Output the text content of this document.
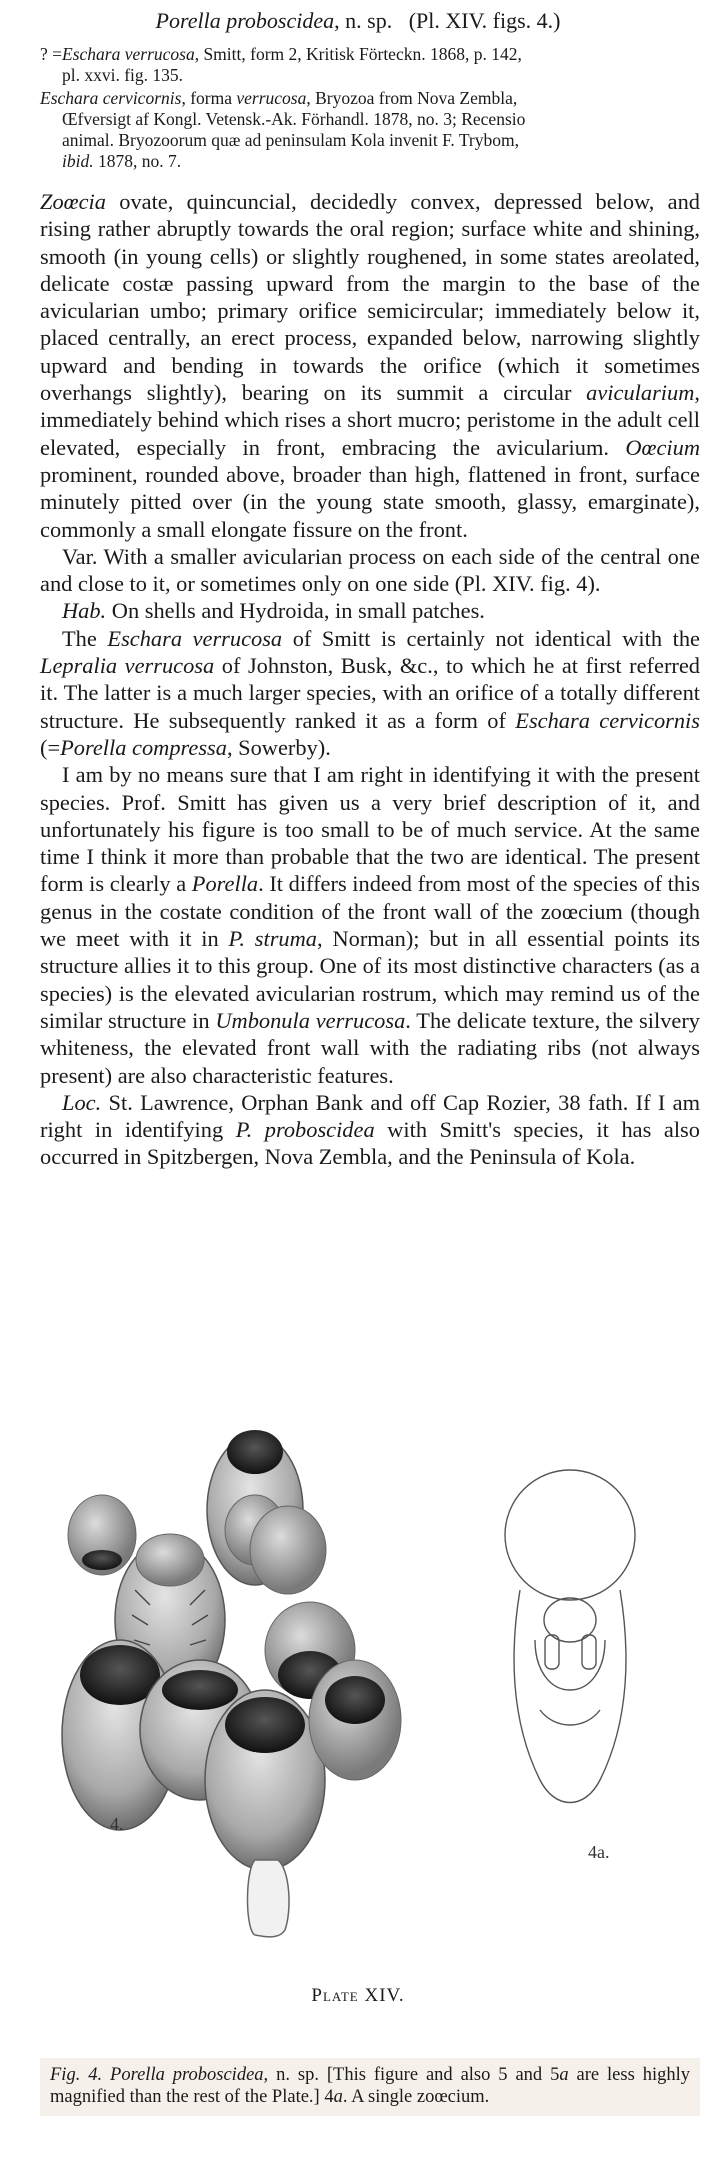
Porella proboscidea, n. sp. (Pl. XIV. figs. 4.)
? =Eschara verrucosa, Smitt, form 2, Kritisk Förteckn. 1868, p. 142,
pl. xxvi. fig. 135.
Eschara cervicornis, forma verrucosa, Bryozoa from Nova Zembla,
Œfversigt af Kongl. Vetensk.-Ak. Förhandl. 1878, no. 3; Recensio
animal. Bryozoorum quæ ad peninsulam Kola invenit F. Trybom,
ibid. 1878, no. 7.

Zoœcia ovate, quincuncial, decidedly convex, depressed below, and rising rather abruptly towards the oral region; surface white and shining, smooth (in young cells) or slightly roughened, in some states areolated, delicate costæ passing upward from the margin to the base of the avicularian umbo; primary orifice semicircular; immediately below it, placed centrally, an erect process, expanded below, narrowing slightly upward and bending in towards the orifice (which it sometimes overhangs slightly), bearing on its summit a circular avicularium, immediately behind which rises a short mucro; peristome in the adult cell elevated, especially in front, embracing the avicularium. Oœcium prominent, rounded above, broader than high, flattened in front, surface minutely pitted over (in the young state smooth, glassy, emarginate), commonly a small elongate fissure on the front.

Var. With a smaller avicularian process on each side of the central one and close to it, or sometimes only on one side (Pl. XIV. fig. 4).

Hab. On shells and Hydroida, in small patches.

The Eschara verrucosa of Smitt is certainly not identical with the Lepralia verrucosa of Johnston, Busk, &c., to which he at first referred it. The latter is a much larger species, with an orifice of a totally different structure. He subsequently ranked it as a form of Eschara cervicornis (=Porella compressa, Sowerby).

I am by no means sure that I am right in identifying it with the present species. Prof. Smitt has given us a very brief description of it, and unfortunately his figure is too small to be of much service. At the same time I think it more than probable that the two are identical. The present form is clearly a Porella. It differs indeed from most of the species of this genus in the costate condition of the front wall of the zoœcium (though we meet with it in P. struma, Norman); but in all essential points its structure allies it to this group. One of its most distinctive characters (as a species) is the elevated avicularian rostrum, which may remind us of the similar structure in Umbonula verrucosa. The delicate texture, the silvery whiteness, the elevated front wall with the radiating ribs (not always present) are also characteristic features.

Loc. St. Lawrence, Orphan Bank and off Cap Rozier, 38 fath. If I am right in identifying P. proboscidea with Smitt's species, it has also occurred in Spitzbergen, Nova Zembla, and the Peninsula of Kola.

4.
4a.
Plate XIV.
Fig. 4. Porella proboscidea, n. sp. [This figure and also 5 and 5a are less highly magnified than the rest of the Plate.] 4a. A single zoœcium.
